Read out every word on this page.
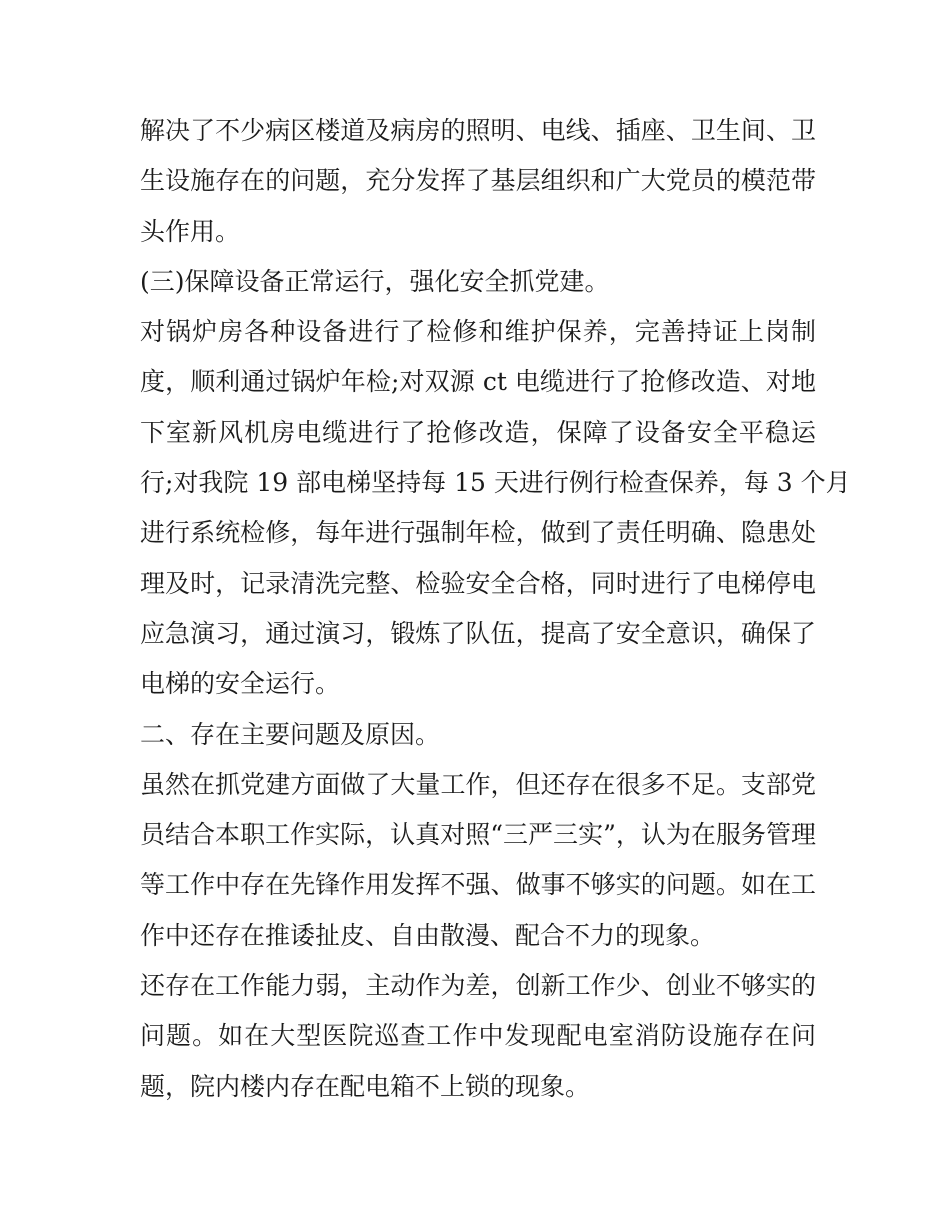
解决了不少病区楼道及病房的照明、电线、插座、卫生间、卫
生设施存在的问题，充分发挥了基层组织和广大党员的模范带
头作用。
(三)保障设备正常运行，强化安全抓党建。
对锅炉房各种设备进行了检修和维护保养，完善持证上岗制
度，顺利通过锅炉年检;对双源 ct 电缆进行了抢修改造、对地
下室新风机房电缆进行了抢修改造，保障了设备安全平稳运
行;对我院 19 部电梯坚持每 15 天进行例行检查保养，每 3 个月
进行系统检修，每年进行强制年检，做到了责任明确、隐患处
理及时，记录清洗完整、检验安全合格，同时进行了电梯停电
应急演习，通过演习，锻炼了队伍，提高了安全意识，确保了
电梯的安全运行。
二、存在主要问题及原因。
虽然在抓党建方面做了大量工作，但还存在很多不足。支部党
员结合本职工作实际，认真对照“三严三实”，认为在服务管理
等工作中存在先锋作用发挥不强、做事不够实的问题。如在工
作中还存在推诿扯皮、自由散漫、配合不力的现象。
还存在工作能力弱，主动作为差，创新工作少、创业不够实的
问题。如在大型医院巡查工作中发现配电室消防设施存在问
题，院内楼内存在配电箱不上锁的现象。
